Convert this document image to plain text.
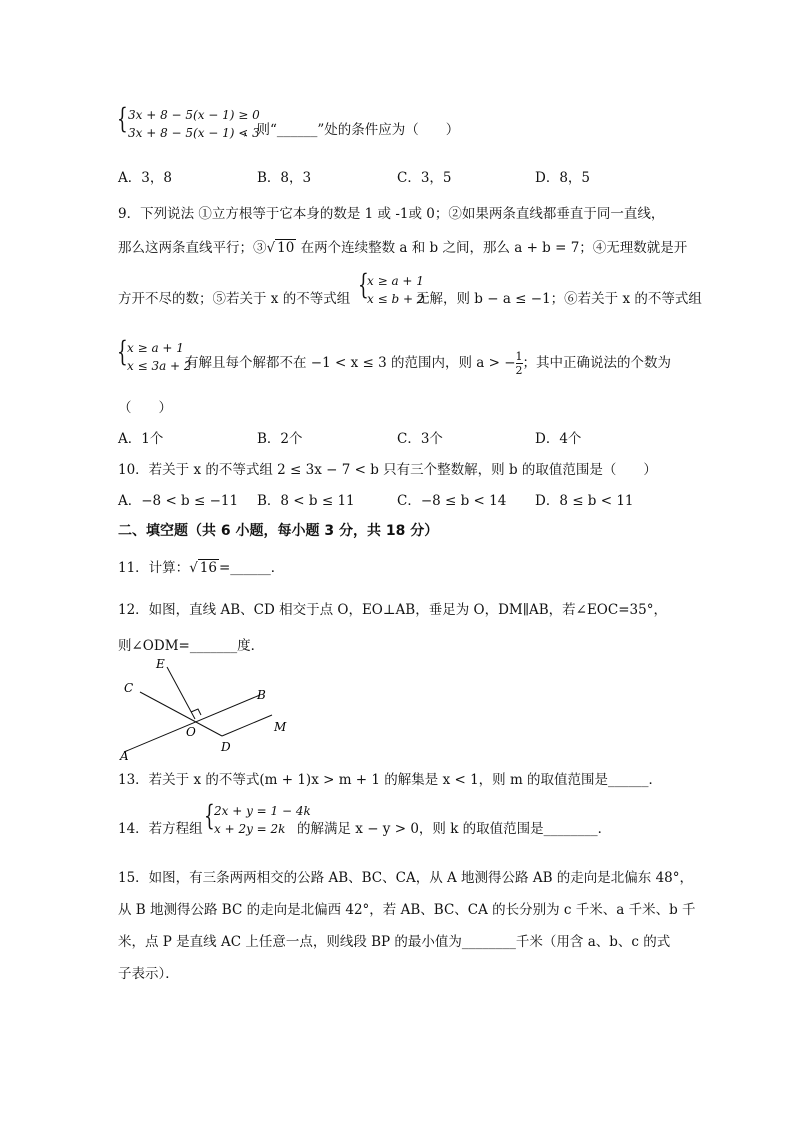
{ 3x + 8 − 5(x − 1) ≥ 0
3x + 8 − 5(x − 1) < 3
，则“______”处的条件应为（　　）
A．3，8	B．8，3	C．3，5	D．8，5
9．下列说法 ①立方根等于它本身的数是 1 或 -1或 0；②如果两条直线都垂直于同一直线，
那么这两条直线平行；③√ 10 在两个连续整数 a 和 b 之间，那么 a + b = 7；④无理数就是开
方开不尽的数；⑤若关于 x 的不等式组 {
x ≥ a + 1
x ≤ b + 2
无解，则 b − a ≤ −1；⑥若关于 x 的不等式组
{ x ≥ a + 1
x ≤ 3a + 2
有解且每个解都不在 −1 < x ≤ 3 的范围内，则 a > − $\frac{1}{2}$ ；其中正确说法的个数为
（　　）
A．1个	B．2个	C．3个	D．4个
10．若关于 x 的不等式组 2 ≤ 3x − 7 < b 只有三个整数解，则 b 的取值范围是（　　）
A．−8 < b ≤ −11 B．8 < b ≤ 11	C．−8 ≤ b < 14 D．8 ≤ b < 11
二、填空题（共 6 小题，每小题 3 分，共 18 分）
11．计算：√ 16 =______．
12．如图，直线 AB、CD 相交于点 O，EO⊥AB，垂足为 O，DM∥AB，若∠EOC=35°，
则∠ODM=_______度．
E
C	B
O
A
D
M
13．若关于 x 的不等式(m + 1)x > m + 1 的解集是 x < 1，则 m 的取值范围是______．
14．若方程组 { 2x + y = 1 − 4k
x + 2y = 2k 的解满足 x − y > 0，则 k 的取值范围是________．
15．如图，有三条两两相交的公路 AB、BC、CA，从 A 地测得公路 AB 的走向是北偏东 48°，
从 B 地测得公路 BC 的走向是北偏西 42°，若 AB、BC、CA 的长分别为 c 千米、a 千米、b 千
米，点 P 是直线 AC 上任意一点，则线段 BP 的最小值为________千米（用含 a、b、c 的式
子表示）．
